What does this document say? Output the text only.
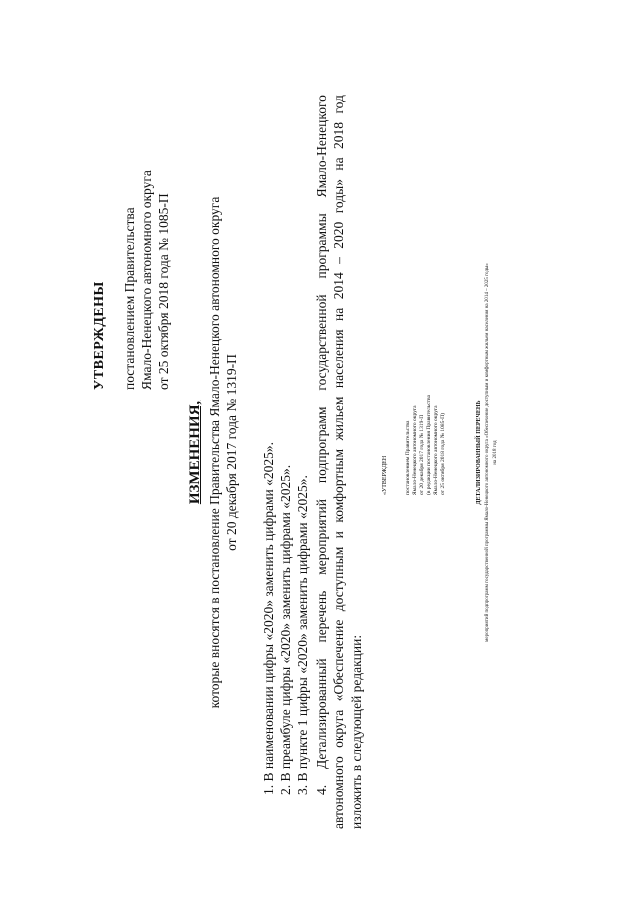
УТВЕРЖДЕНЫ постановлением Правительства Ямало-Ненецкого автономного округа от 25 октября 2018 года № 1085-П
ИЗМЕНЕНИЯ, которые вносятся в постановление Правительства Ямало-Ненецкого автономного округа от 20 декабря 2017 года № 1319-П 1. В наименовании цифры «2020» заменить цифрами «2025». 2. В преамбуле цифры «2020» заменить цифрами «2025». 3. В пункте 1 цифры «2020» заменить цифрами «2025». 4.
Детализированный
перечень
мероприятий
подпрограмм
государственной
программы
Ямало-Ненецкого
автономного
округа
«Обеспечение
доступным
и
комфортным
жильем
населения
на
2014
–
2020
годы»
на
2018
год
изложить в следующей редакции:
«УТВЕРЖДЕН	постановлением Правительства Ямало-Ненецкого автономного округа от 20 декабря 2017 года № 1319-П (в редакции постановления Правительства Ямало-Ненецкого автономного округа от 25 октября 2018 года № 1085-П)	ДЕТАЛИЗИРОВАННЫЙ ПЕРЕЧЕНЬ мероприятий подпрограмм государственной программы Ямало-Ненецкого автономного округа «Обеспечение доступным и комфортным жильем населения на 2014 – 2025 годы» на 2018 год
